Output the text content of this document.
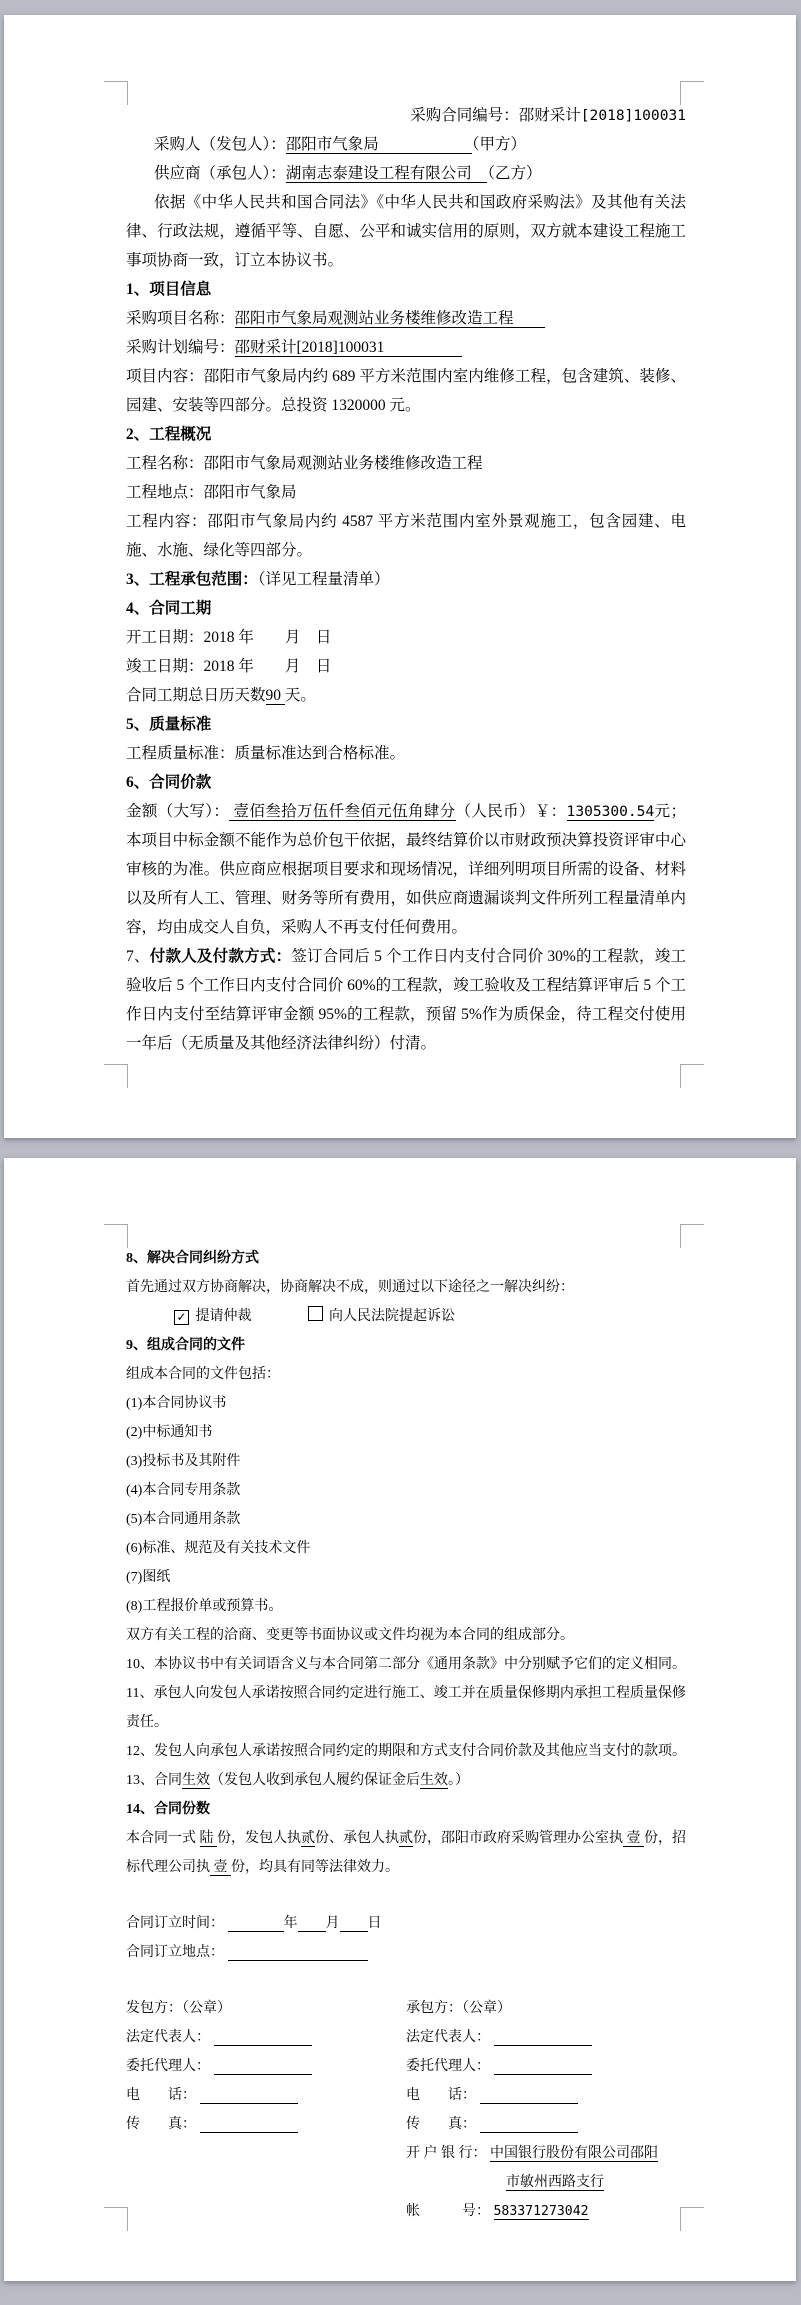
采购合同编号：邵财采计[2018]100031
采购人（发包人）：邵阳市气象局　　　　　　（甲方）
供应商（承包人）：湖南志泰建设工程有限公司　（乙方）
依据《中华人民共和国合同法》《中华人民共和国政府采购法》及其他有关法律、行政法规，遵循平等、自愿、公平和诚实信用的原则，双方就本建设工程施工事项协商一致，订立本协议书。
1、项目信息
采购项目名称：邵阳市气象局观测站业务楼维修改造工程　　
采购计划编号：邵财采计[2018]100031　　　　　
项目内容：邵阳市气象局内约 689 平方米范围内室内维修工程，包含建筑、装修、园建、安装等四部分。总投资 1320000 元。
2、工程概况
工程名称：邵阳市气象局观测站业务楼维修改造工程
工程地点：邵阳市气象局
工程内容：邵阳市气象局内约 4587 平方米范围内室外景观施工，包含园建、电施、水施、绿化等四部分。
3、工程承包范围：（详见工程量清单）
4、合同工期
开工日期：2018 年　　月　日
竣工日期：2018 年　　月　日
合同工期总日历天数90 天。
5、质量标准
工程质量标准：质量标准达到合格标准。
6、合同价款
金额（大写）： 壹佰叁拾万伍仟叁佰元伍角肆分（人民币）￥：1305300.54元；本项目中标金额不能作为总价包干依据，最终结算价以市财政预决算投资评审中心审核的为准。供应商应根据项目要求和现场情况，详细列明项目所需的设备、材料以及所有人工、管理、财务等所有费用，如供应商遗漏谈判文件所列工程量清单内容，均由成交人自负，采购人不再支付任何费用。
7、付款人及付款方式：签订合同后 5 个工作日内支付合同价 30%的工程款，竣工验收后 5 个工作日内支付合同价 60%的工程款，竣工验收及工程结算评审后 5 个工作日内支付至结算评审金额 95%的工程款，预留 5%作为质保金，待工程交付使用一年后（无质量及其他经济法律纠纷）付清。
8、解决合同纠纷方式
首先通过双方协商解决，协商解决不成，则通过以下途径之一解决纠纷：
✓ 提请仲裁　　　　 向人民法院提起诉讼
9、组成合同的文件
组成本合同的文件包括：
(1)本合同协议书
(2)中标通知书
(3)投标书及其附件
(4)本合同专用条款
(5)本合同通用条款
(6)标准、规范及有关技术文件
(7)图纸
(8)工程报价单或预算书。
双方有关工程的洽商、变更等书面协议或文件均视为本合同的组成部分。
10、本协议书中有关词语含义与本合同第二部分《通用条款》中分别赋予它们的定义相同。
11、承包人向发包人承诺按照合同约定进行施工、竣工并在质量保修期内承担工程质量保修责任。
12、发包人向承包人承诺按照合同约定的期限和方式支付合同价款及其他应当支付的款项。
13、合同生效（发包人收到承包人履约保证金后生效。）
14、合同份数
本合同一式 陆 份，发包人执贰份、承包人执贰份，邵阳市政府采购管理办公室执 壹 份，招标代理公司执 壹 份，均具有同等法律效力。
合同订立时间： 　　　　	年　　 月　　 日
合同订立地点： 　　　　　　　　　　
发包方：（公章）	承包方：（公章）
法定代表人： 　　　　　　　	法定代表人： 　　　　　　　
委托代理人： 　　　　　　　	委托代理人： 　　　　　　　
电　　话： 　　　　　　　	电　　话： 　　　　　　　
传　　真： 　　　　　　　	传　　真： 　　　　　　　
开 户 银 行： 中国银行股份有限公司邵阳
市敏州西路支行
帐　　　号： 583371273042
